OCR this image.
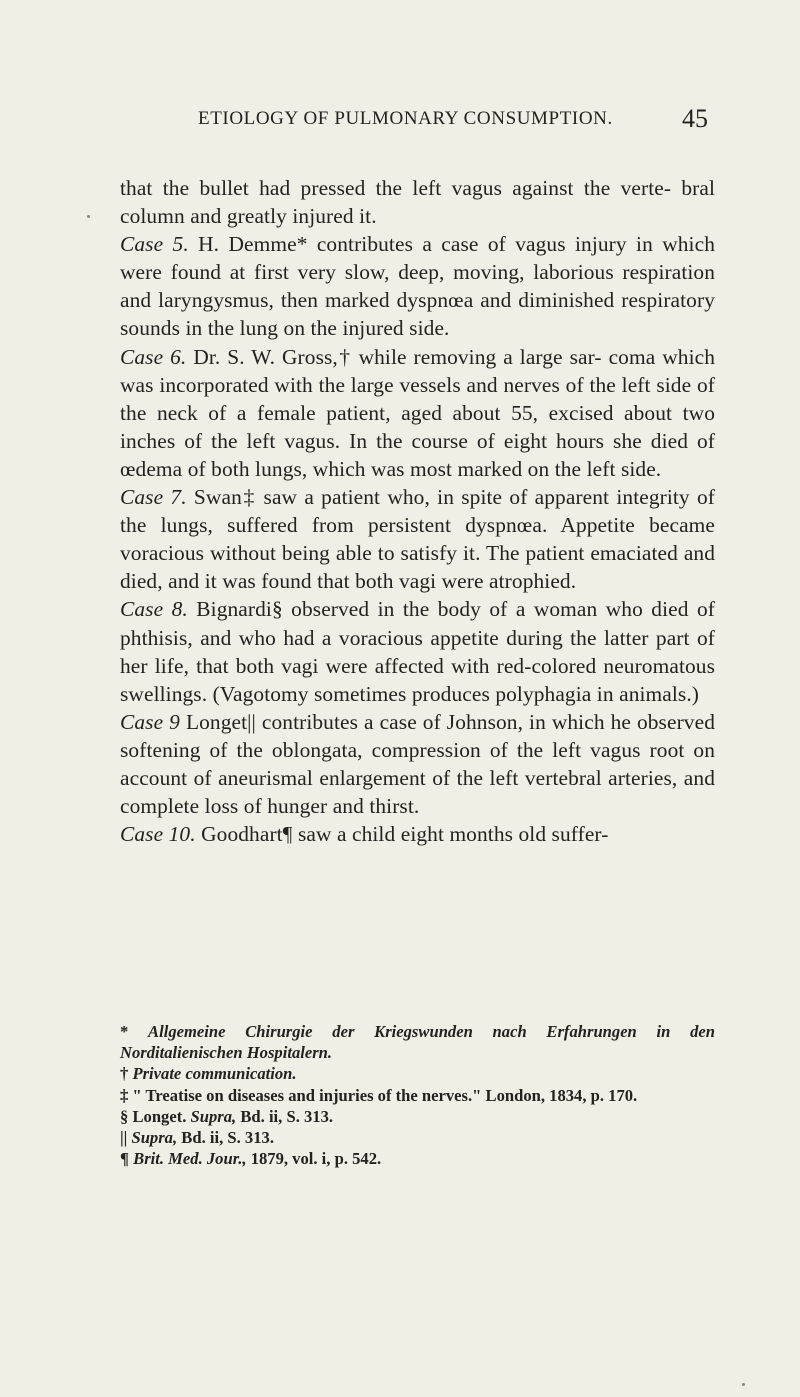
ETIOLOGY OF PULMONARY CONSUMPTION.	45

that the bullet had pressed the left vagus against the verte- bral column and greatly injured it.

Case 5. H. Demme* contributes a case of vagus injury in which were found at first very slow, deep, moving, laborious respiration and laryngysmus, then marked dyspnœa and diminished respiratory sounds in the lung on the injured side.

Case 6. Dr. S. W. Gross,† while removing a large sar- coma which was incorporated with the large vessels and nerves of the left side of the neck of a female patient, aged about 55, excised about two inches of the left vagus. In the course of eight hours she died of œdema of both lungs, which was most marked on the left side.

Case 7. Swan‡ saw a patient who, in spite of apparent integrity of the lungs, suffered from persistent dyspnœa. Appetite became voracious without being able to satisfy it. The patient emaciated and died, and it was found that both vagi were atrophied.

Case 8. Bignardi§ observed in the body of a woman who died of phthisis, and who had a voracious appetite during the latter part of her life, that both vagi were affected with red-colored neuromatous swellings. (Vagotomy sometimes produces polyphagia in animals.)

Case 9 Longet|| contributes a case of Johnson, in which he observed softening of the oblongata, compression of the left vagus root on account of aneurismal enlargement of the left vertebral arteries, and complete loss of hunger and thirst.

Case 10. Goodhart¶ saw a child eight months old suffer-

* Allgemeine Chirurgie der Kriegswunden nach Erfahrungen in den Norditalienischen Hospitalern.
† Private communication.
‡ " Treatise on diseases and injuries of the nerves." London, 1834, p. 170.
§ Longet. Supra, Bd. ii, S. 313.
|| Supra, Bd. ii, S. 313.
¶ Brit. Med. Jour., 1879, vol. i, p. 542.
